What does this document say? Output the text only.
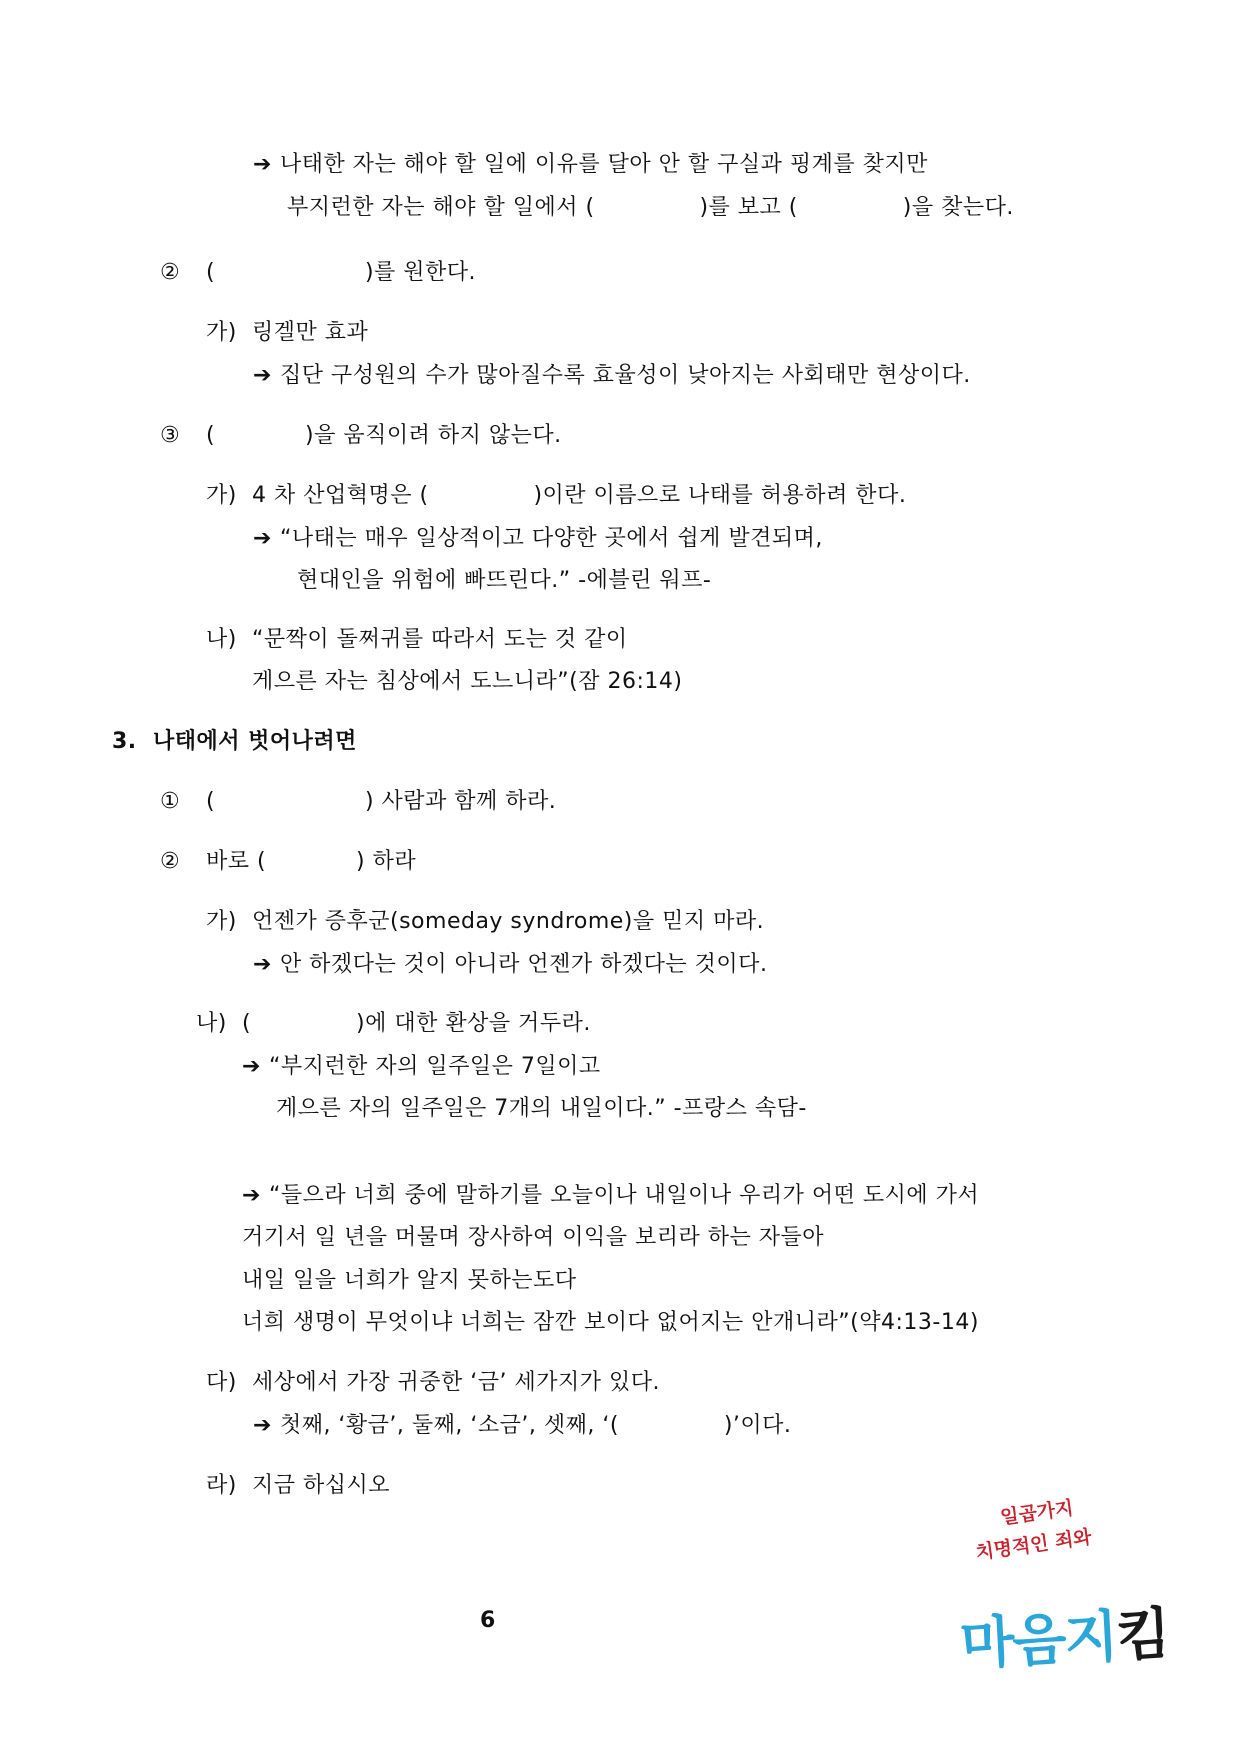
➔ 나태한 자는 해야 할 일에 이유를 달아 안 할 구실과 핑계를 찾지만
부지런한 자는 해야 할 일에서 (              )를 보고 (              )을 찾는다.
② (                    )를 원한다.
가) 링겔만 효과
➔ 집단 구성원의 수가 많아질수록 효율성이 낮아지는 사회태만 현상이다.
③ (            )을 움직이려 하지 않는다.
가) 4 차 산업혁명은 (              )이란 이름으로 나태를 허용하려 한다.
➔ “나태는 매우 일상적이고 다양한 곳에서 쉽게 발견되며,
현대인을 위험에 빠뜨린다.” -에블린 워프-
나) “문짝이 돌쩌귀를 따라서 도는 것 같이
게으른 자는 침상에서 도느니라”(잠 26:14)
3.  나태에서 벗어나려면
① (                    ) 사람과 함께 하라.
② 바로 (            ) 하라
가) 언젠가 증후군(someday syndrome)을 믿지 마라.
➔ 안 하겠다는 것이 아니라 언젠가 하겠다는 것이다.
나) (              )에 대한 환상을 거두라.
➔ “부지런한 자의 일주일은 7일이고
게으른 자의 일주일은 7개의 내일이다.” -프랑스 속담-
➔ “들으라 너희 중에 말하기를 오늘이나 내일이나 우리가 어떤 도시에 가서
거기서 일 년을 머물며 장사하여 이익을 보리라 하는 자들아
내일 일을 너희가 알지 못하는도다
너희 생명이 무엇이냐 너희는 잠깐 보이다 없어지는 안개니라”(약4:13-14)
다) 세상에서 가장 귀중한 ‘금’ 세가지가 있다.
➔ 첫째, ‘황금’, 둘째, ‘소금’, 셋째, ‘(              )’이다.
라) 지금 하십시오
6
일곱가지
치명적인 죄와
마음지킴
